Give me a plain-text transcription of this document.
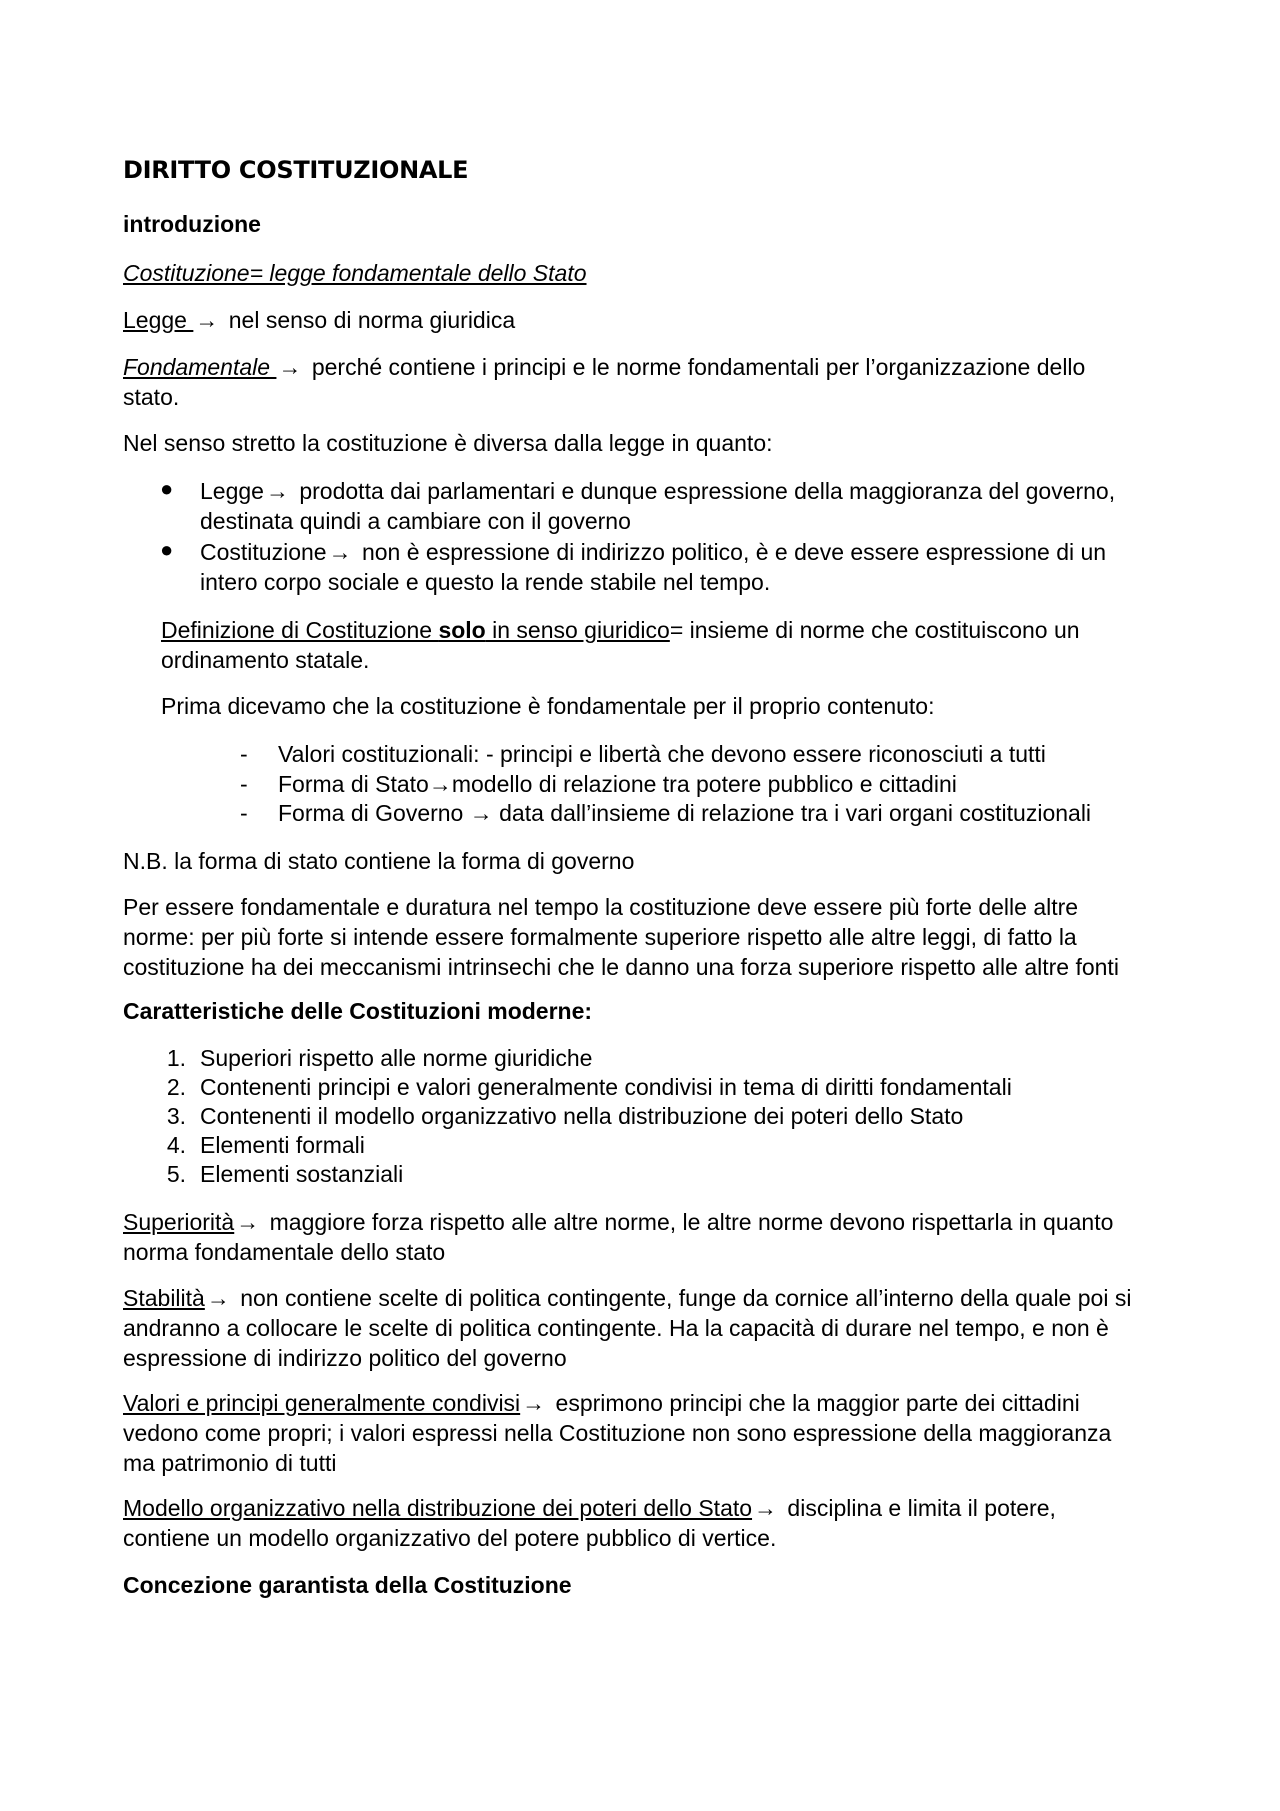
DIRITTO COSTITUZIONALE
introduzione
Costituzione= legge fondamentale dello Stato
Legge → nel senso di norma giuridica
Fondamentale → perché contiene i principi e le norme fondamentali per l’organizzazione dello
stato.
Nel senso stretto la costituzione è diversa dalla legge in quanto:
● Legge→ prodotta dai parlamentari e dunque espressione della maggioranza del governo,
destinata quindi a cambiare con il governo
● Costituzione→ non è espressione di indirizzo politico, è e deve essere espressione di un
intero corpo sociale e questo la rende stabile nel tempo.
Definizione di Costituzione solo in senso giuridico= insieme di norme che costituiscono un
ordinamento statale.
Prima dicevamo che la costituzione è fondamentale per il proprio contenuto:
- Valori costituzionali: - principi e libertà che devono essere riconosciuti a tutti
- Forma di Stato→modello di relazione tra potere pubblico e cittadini
- Forma di Governo → data dall’insieme di relazione tra i vari organi costituzionali
N.B. la forma di stato contiene la forma di governo
Per essere fondamentale e duratura nel tempo la costituzione deve essere più forte delle altre
norme: per più forte si intende essere formalmente superiore rispetto alle altre leggi, di fatto la
costituzione ha dei meccanismi intrinsechi che le danno una forza superiore rispetto alle altre fonti
Caratteristiche delle Costituzioni moderne:
1. Superiori rispetto alle norme giuridiche
2. Contenenti principi e valori generalmente condivisi in tema di diritti fondamentali
3. Contenenti il modello organizzativo nella distribuzione dei poteri dello Stato
4. Elementi formali
5. Elementi sostanziali
Superiorità→ maggiore forza rispetto alle altre norme, le altre norme devono rispettarla in quanto
norma fondamentale dello stato
Stabilità→ non contiene scelte di politica contingente, funge da cornice all’interno della quale poi si
andranno a collocare le scelte di politica contingente. Ha la capacità di durare nel tempo, e non è
espressione di indirizzo politico del governo
Valori e principi generalmente condivisi→ esprimono principi che la maggior parte dei cittadini
vedono come propri; i valori espressi nella Costituzione non sono espressione della maggioranza
ma patrimonio di tutti
Modello organizzativo nella distribuzione dei poteri dello Stato→ disciplina e limita il potere,
contiene un modello organizzativo del potere pubblico di vertice.
Concezione garantista della Costituzione
